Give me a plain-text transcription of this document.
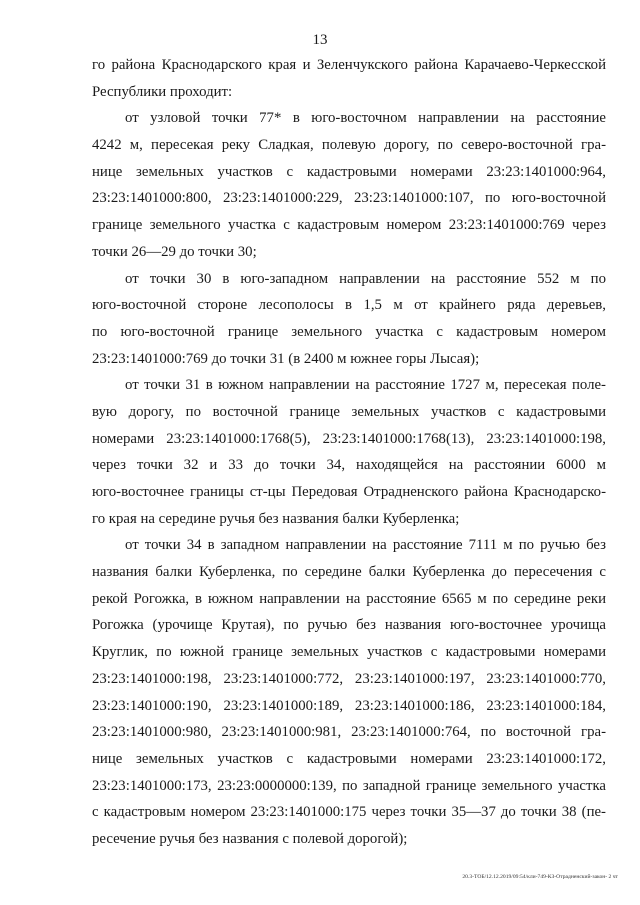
13
го района Краснодарского края и Зеленчукского района Карачаево-Черкесской
Республики проходит:
от узловой точки 77* в юго-восточном направлении на расстояние
4242 м, пересекая реку Сладкая, полевую дорогу, по северо-восточной гра-
нице земельных участков с кадастровыми номерами 23:23:1401000:964,
23:23:1401000:800, 23:23:1401000:229, 23:23:1401000:107, по юго-восточной
границе земельного участка с кадастровым номером 23:23:1401000:769 через
точки 26—29 до точки 30;
от точки 30 в юго-западном направлении на расстояние 552 м по
юго-восточной стороне лесополосы в 1,5 м от крайнего ряда деревьев,
по юго-восточной границе земельного участка с кадастровым номером
23:23:1401000:769 до точки 31 (в 2400 м южнее горы Лысая);
от точки 31 в южном направлении на расстояние 1727 м, пересекая поле-
вую дорогу, по восточной границе земельных участков с кадастровыми
номерами 23:23:1401000:1768(5), 23:23:1401000:1768(13), 23:23:1401000:198,
через точки 32 и 33 до точки 34, находящейся на расстоянии 6000 м
юго-восточнее границы ст-цы Передовая Отрадненского района Краснодарско-
го края на середине ручья без названия балки Куберленка;
от точки 34 в западном направлении на расстояние 7111 м по ручью без
названия балки Куберленка, по середине балки Куберленка до пересечения с
рекой Рогожка, в южном направлении на расстояние 6565 м по середине реки
Рогожка (урочище Крутая), по ручью без названия юго-восточнее урочища
Круглик, по южной границе земельных участков с кадастровыми номерами
23:23:1401000:198, 23:23:1401000:772, 23:23:1401000:197, 23:23:1401000:770,
23:23:1401000:190, 23:23:1401000:189, 23:23:1401000:186, 23:23:1401000:184,
23:23:1401000:980, 23:23:1401000:981, 23:23:1401000:764, по восточной гра-
нице земельных участков с кадастровыми номерами 23:23:1401000:172,
23:23:1401000:173, 23:23:0000000:139, по западной границе земельного участка
с кадастровым номером 23:23:1401000:175 через точки 35—37 до точки 38 (пе-
ресечение ручья без названия с полевой дорогой);
20.3-ТОБ/12.12.2019/09:54/кли-749-КЗ-Отрадненский-закон- 2 чт
